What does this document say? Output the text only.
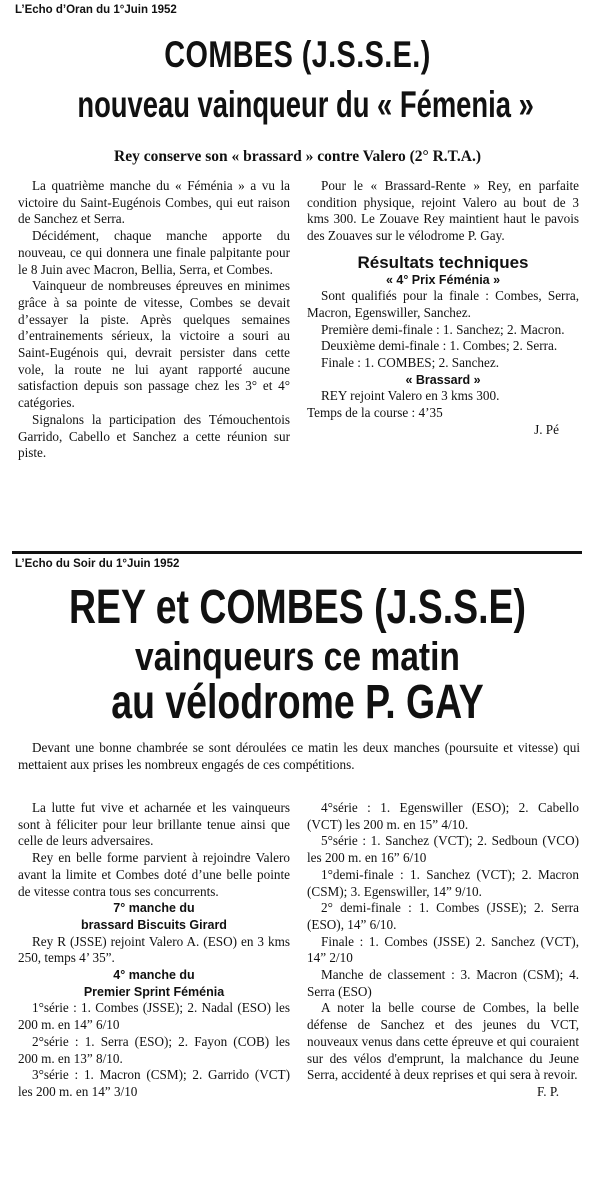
L’Echo d’Oran du 1°Juin 1952
COMBES (J.S.S.E.)
nouveau vainqueur du « Fémenia »
Rey conserve son « brassard » contre Valero (2° R.T.A.)

La quatrième manche du « Féménia » a vu la victoire du Saint-Eugénois Combes, qui eut raison de Sanchez et Serra.

Décidément, chaque manche apporte du nouveau, ce qui donnera une finale palpitante pour le 8 Juin avec Macron, Bellia, Serra, et Combes.

Vainqueur de nombreuses épreuves en minimes grâce à sa pointe de vitesse, Combes se devait d’essayer la piste. Après quelques semaines d’entrainements sérieux, la victoire a souri au Saint-Eugénois qui, devrait persister dans cette vole, la route ne lui ayant rapporté aucune satisfaction depuis son passage chez les 3° et 4° catégories.

Signalons la participation des Témouchentois Garrido, Cabello et Sanchez a cette réunion sur piste.

Pour le « Brassard-Rente » Rey, en parfaite condition physique, rejoint Valero au bout de 3 kms 300. Le Zouave Rey maintient haut le pavois des Zouaves sur le vélodrome P. Gay.

Résultats techniques
« 4° Prix Féménia »

Sont qualifiés pour la finale : Combes, Serra, Macron, Egenswiller, Sanchez.

Première demi-finale : 1. Sanchez; 2. Macron.

Deuxième demi-finale : 1. Combes; 2. Serra.

Finale : 1. COMBES; 2. Sanchez.

« Brassard »

REY rejoint Valero en 3 kms 300.

Temps de la course : 4’35

J. Pé

L’Echo du Soir du 1°Juin 1952
REY et COMBES (J.S.S.E)
vainqueurs ce matin
au vélodrome P. GAY

Devant une bonne chambrée se sont déroulées ce matin les deux manches (poursuite et vitesse) qui mettaient aux prises les nombreux engagés de ces compétitions.

La lutte fut vive et acharnée et les vainqueurs sont à féliciter pour leur brillante tenue ainsi que celle de leurs adversaires.

Rey en belle forme parvient à rejoindre Valero avant la limite et Combes doté d’une belle pointe de vitesse contra tous ses concurrents.

7° manche du
brassard Biscuits Girard

Rey R (JSSE) rejoint Valero A. (ESO) en 3 kms 250, temps 4’ 35”.

4° manche du
Premier Sprint Féménia

1°série : 1. Combes (JSSE); 2. Nadal (ESO) les 200 m. en 14” 6/10

2°série : 1. Serra (ESO); 2. Fayon (COB) les 200 m. en 13” 8/10.

3°série : 1. Macron (CSM); 2. Garrido (VCT) les 200 m. en 14” 3/10

4°série : 1. Egenswiller (ESO); 2. Cabello (VCT) les 200 m. en 15” 4/10.

5°série : 1. Sanchez (VCT); 2. Sedboun (VCO) les 200 m. en 16” 6/10

1°demi-finale : 1. Sanchez (VCT); 2. Macron (CSM); 3. Egenswiller, 14” 9/10.

2° demi-finale : 1. Combes (JSSE); 2. Serra (ESO), 14” 6/10.

Finale : 1. Combes (JSSE) 2. Sanchez (VCT), 14” 2/10

Manche de classement : 3. Macron (CSM); 4. Serra (ESO)

A noter la belle course de Combes, la belle défense de Sanchez et des jeunes du VCT, nouveaux venus dans cette épreuve et qui couraient sur des vélos d'emprunt, la malchance du Jeune Serra, accidenté à deux reprises et qui sera à revoir.

F. P.
